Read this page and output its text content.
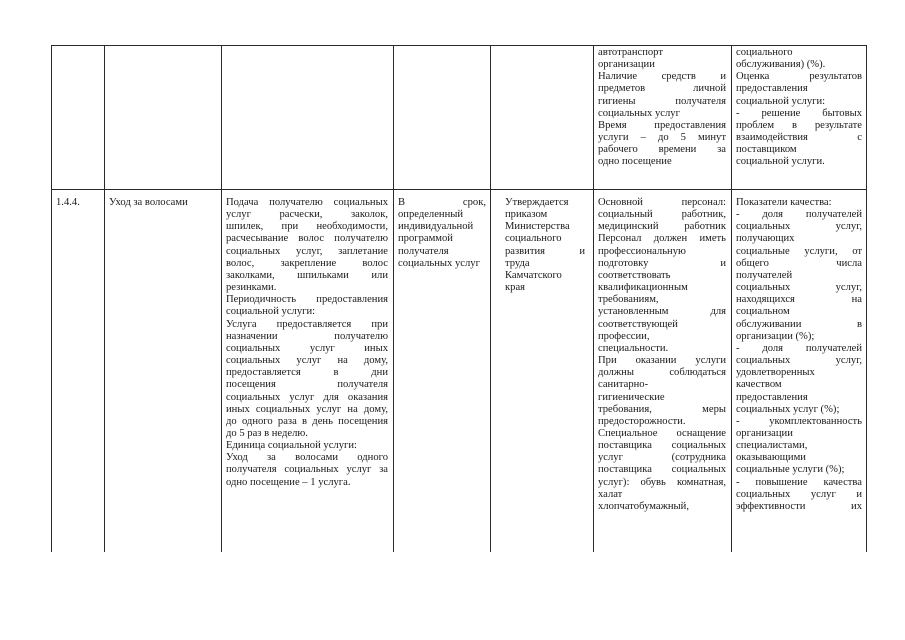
автотранспорт
организации
Наличие средств и
предметов личной
гигиены получателя
социальных услуг
Время предоставления
услуги – до 5 минут
рабочего времени за
одно посещение
социального
обслуживания) (%).
Оценка результатов
предоставления
социальной услуги:
- решение бытовых
проблем в результате
взаимодействия с
поставщиком
социальной услуги.
1.4.4.	Уход за волосами	Подача получателю социальных
услуг расчески, заколок,
шпилек, при необходимости,
расчесывание волос получателю
социальных услуг, заплетание
волос, закрепление волос
заколками, шпильками или
резинками.
Периодичность предоставления
социальной услуги:
Услуга предоставляется при
назначении получателю
социальных услуг иных
социальных услуг на дому,
предоставляется в дни
посещения получателя
социальных услуг для оказания
иных социальных услуг на дому,
до одного раза в день посещения
до 5 раз в неделю.
Единица социальной услуги:
Уход за волосами одного
получателя социальных услуг за
одно посещение – 1 услуга.
В срок,
определенный
индивидуальной
программой
получателя
социальных услуг
Утверждается
приказом
Министерства
социального
развития и
труда
Камчатского
края
Основной персонал:
социальный работник,
медицинский работник
Персонал должен иметь
профессиональную
подготовку и
соответствовать
квалификационным
требованиям,
установленным для
соответствующей
профессии,
специальности.
При оказании услуги
должны соблюдаться
санитарно-
гигиенические
требования, меры
предосторожности.
Специальное оснащение
поставщика социальных
услуг (сотрудника
поставщика социальных
услуг): обувь комнатная,
халат
хлопчатобумажный,
Показатели качества:
- доля получателей
социальных услуг,
получающих
социальные услуги, от
общего числа
получателей
социальных услуг,
находящихся на
социальном
обслуживании в
организации (%);
- доля получателей
социальных услуг,
удовлетворенных
качеством
предоставления
социальных услуг (%);
- укомплектованность
организации
специалистами,
оказывающими
социальные услуги (%);
- повышение качества
социальных услуг и
эффективности их
